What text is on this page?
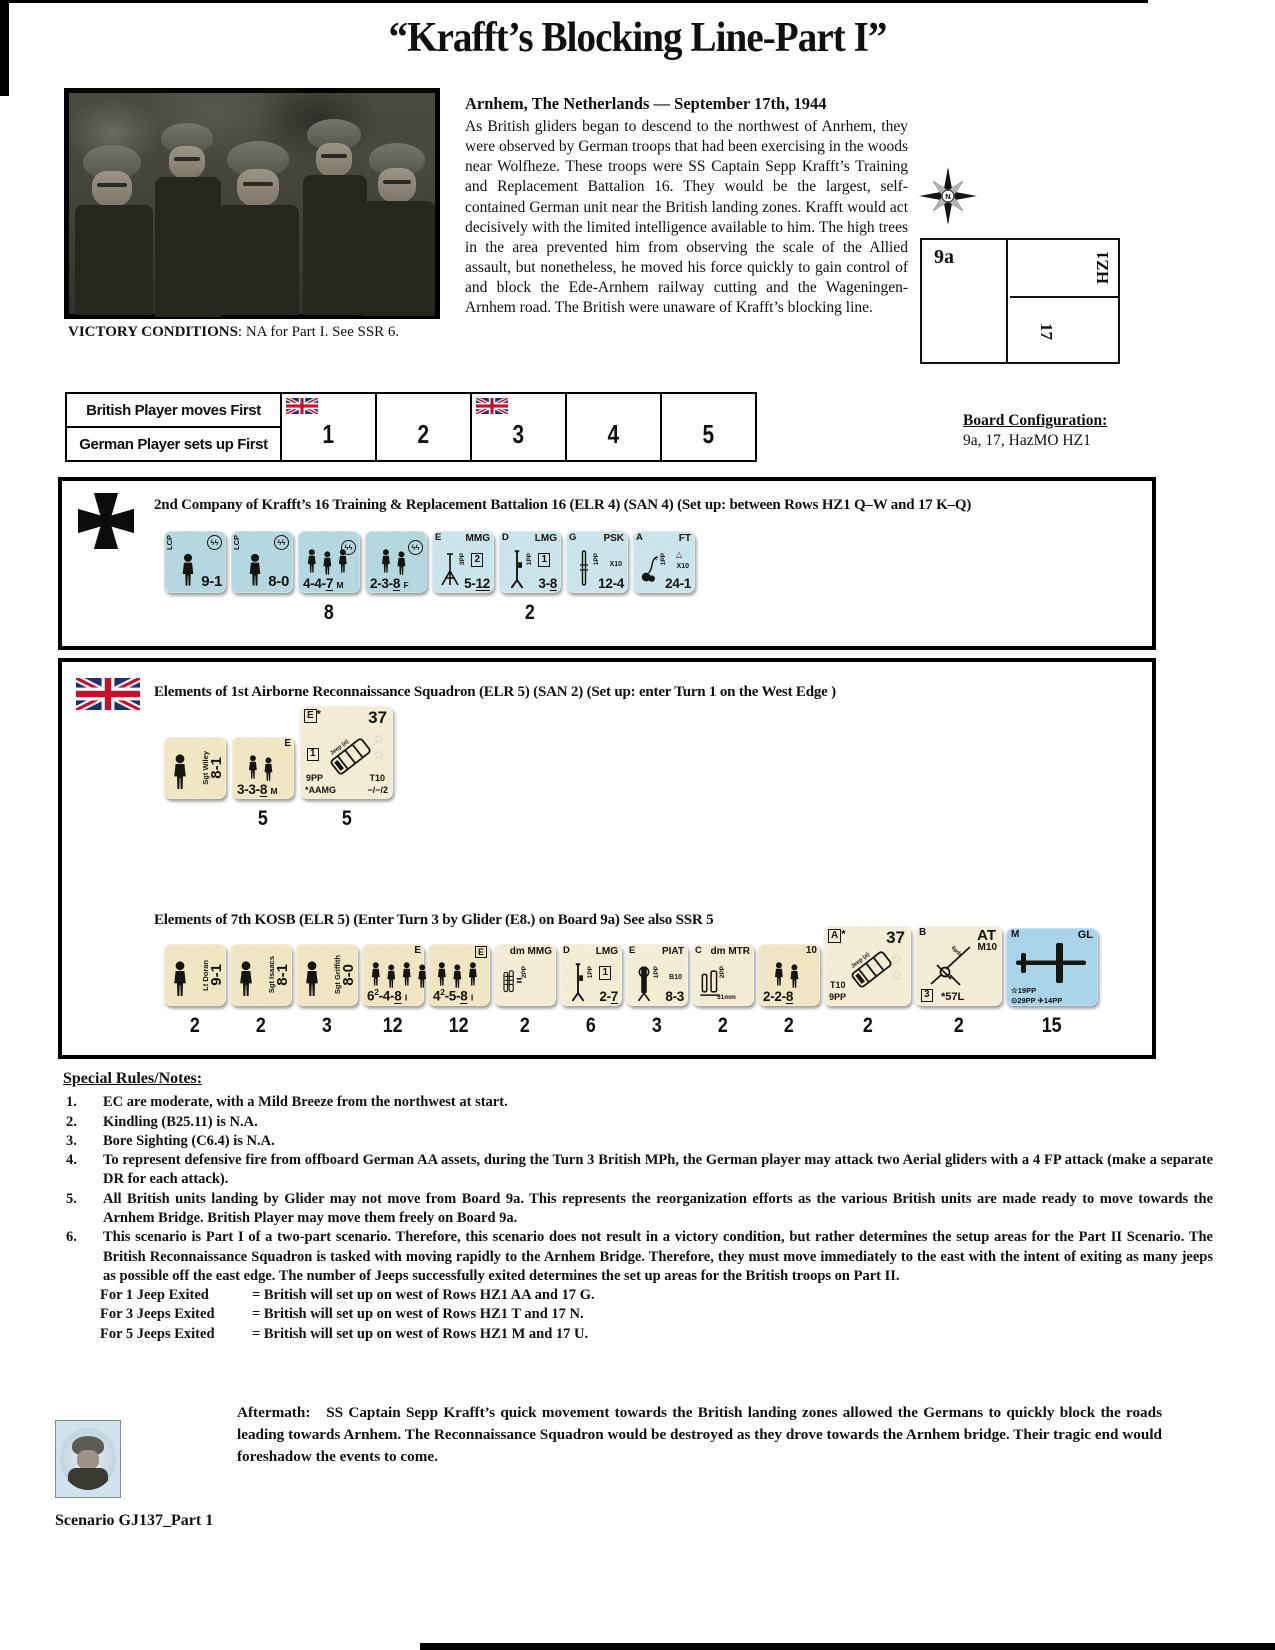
“Krafft’s Blocking Line-Part I”
VICTORY CONDITIONS: NA for Part I. See SSR 6.
Arnhem, The Netherlands — September 17th, 1944
As British gliders began to descend to the northwest of Anrhem, they were observed by German troops that had been exercising in the woods near Wolfheze. These troops were SS Captain Sepp Krafft’s Training and Replacement Battalion 16. They would be the largest, self-contained German unit near the British landing zones. Krafft would act decisively with the limited intelligence available to him. The high trees in the area prevented him from observing the scale of the Allied assault, but nonetheless, he moved his force quickly to gain control of and block the Ede-Arnhem railway cutting and the Wageningen-Arnhem road. The British were unaware of Krafft’s blocking line.
N
9a	HZ1
17
British Player moves First
German Player sets up First	1	2	3	4	5	Board Configuration:
9a, 17, HazMO HZ1
2nd Company of Krafft’s 16 Training & Replacement Battalion 16 (ELR 4) (SAN 4) (Set up: between Rows HZ1 Q–W and 17 K–Q)
LCP	ϟϟ
9-1
LCP	ϟϟ
8-0
ϟϟ
4-4-7 M
8
ϟϟ
2-3-8 F
E MMG
3PP 2
5-12
D	LMG
1PP 1
3-8
2
G	PSK
1PP X10
12-4
A	FT
1PP △
X10
24-1
Elements of 1st Airborne Reconnaissance Squadron (ELR 5) (SAN 2) (Set up: enter Turn 1 on the West Edge )
Sgt Wiley
8-1
E
3-3-8 M
5
E *	37
★
★
Jeep (a)
1
9PP
*AAMG
T10
−/−/2
5
Elements of 7th KOSB (ELR 5) (Enter Turn 3 by Glider (E8.) on Board 9a) See also SSR 5
Lt Doran
9-1
2
Sgt Isaacs
8-1
2
Sgt Griffith
8-0
3
E
$6^2-4-8$ I
12
E
$4^2-5-8$ I
12
dm MMG
2PP
2
D	LMG
1PP 1
2-7
6
E	PIAT
1PP B10
8-3
3
C dm MTR
2PP
51mm
2
10
2-2-8
2
A * 37
★
★
Jeep (a)
T10
9PP
2
B	AT
M10
6pdr
3 *57L
2
M	GL
☆19PP
⊙29PP ✈14PP
15
Special Rules/Notes:
1.	EC are moderate, with a Mild Breeze from the northwest at start.
2.	Kindling (B25.11) is N.A.
3.	Bore Sighting (C6.4) is N.A.
4.	To represent defensive fire from offboard German AA assets, during the Turn 3 British MPh, the German player may attack two Aerial gliders with a 4 FP attack (make a separate DR for each attack).
5.	All British units landing by Glider may not move from Board 9a. This represents the reorganization efforts as the various British units are made ready to move towards the Arnhem Bridge. British Player may move them freely on Board 9a.
6.	This scenario is Part I of a two-part scenario. Therefore, this scenario does not result in a victory condition, but rather determines the setup areas for the Part II Scenario. The British Reconnaissance Squadron is tasked with moving rapidly to the Arnhem Bridge. Therefore, they must move immediately to the east with the intent of exiting as many jeeps as possible off the east edge. The number of Jeeps successfully exited determines the set up areas for the British troops on Part II.
For 1 Jeep Exited	= British will set up on west of Rows HZ1 AA and 17 G.
For 3 Jeeps Exited	= British will set up on west of Rows HZ1 T and 17 N.
For 5 Jeeps Exited	= British will set up on west of Rows HZ1 M and 17 U.
Aftermath: SS Captain Sepp Krafft’s quick movement towards the British landing zones allowed the Germans to quickly block the roads leading towards Arnhem. The Reconnaissance Squadron would be destroyed as they drove towards the Arnhem bridge. Their tragic end would foreshadow the events to come.
Scenario GJ137_Part 1
